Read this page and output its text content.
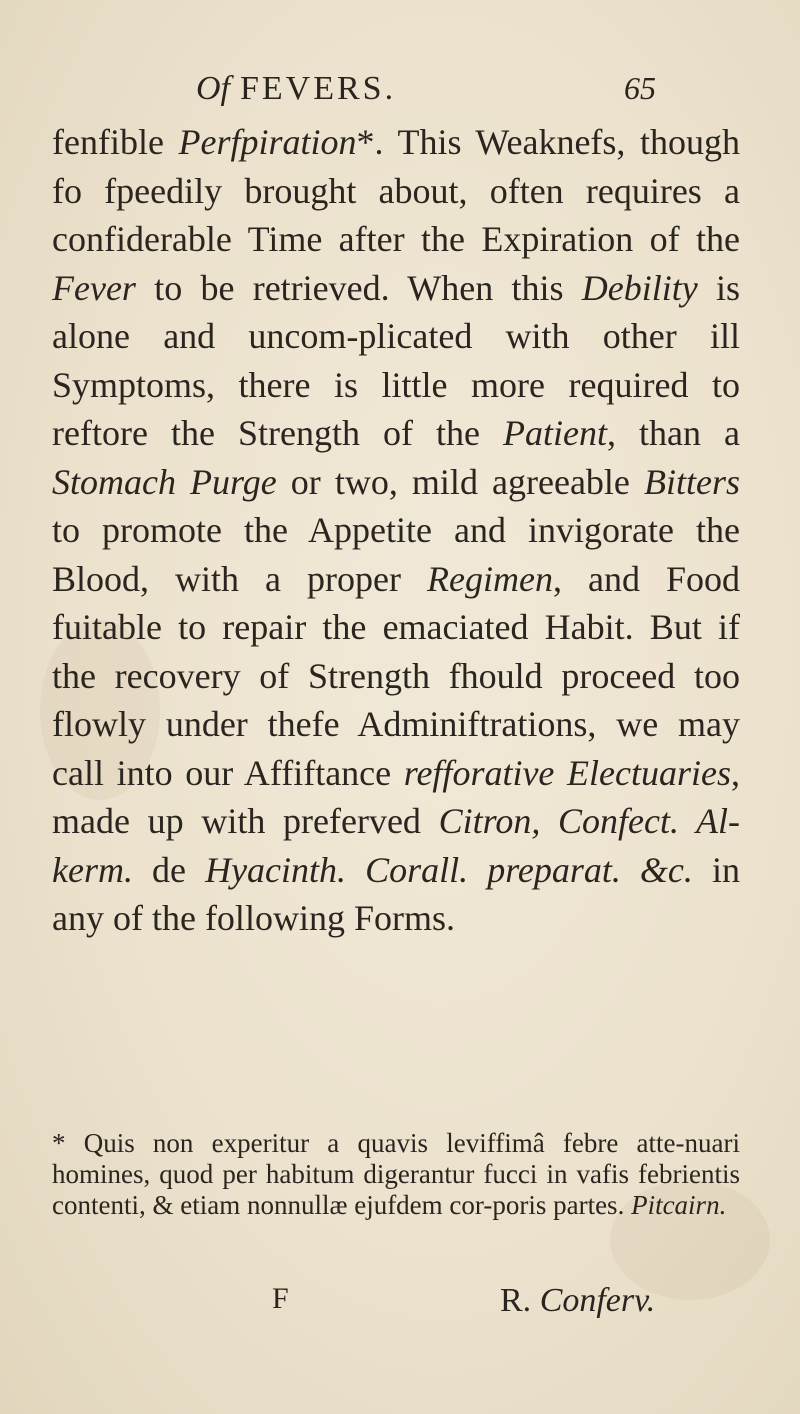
Of FEVERS.	65

fenfible Perfpiration*. This Weaknefs, though fo fpeedily brought about, often requires a confiderable Time after the Expiration of the Fever to be retrieved. When this Debility is alone and uncom-plicated with other ill Symptoms, there is little more required to reftore the Strength of the Patient, than a Stomach Purge or two, mild agreeable Bitters to promote the Appetite and invigorate the Blood, with a proper Regimen, and Food fuitable to repair the emaciated Habit. But if the recovery of Strength fhould proceed too flowly under thefe Adminiftrations, we may call into our Affiftance refforative Electuaries, made up with preferved Citron, Confect. Al-kerm. de Hyacinth. Corall. preparat. &c. in any of the following Forms.

* Quis non experitur a quavis leviffimâ febre atte-nuari homines, quod per habitum digerantur fucci in vafis febrientis contenti, & etiam nonnullæ ejufdem cor-poris partes. Pitcairn.

F	R. Conferv.
